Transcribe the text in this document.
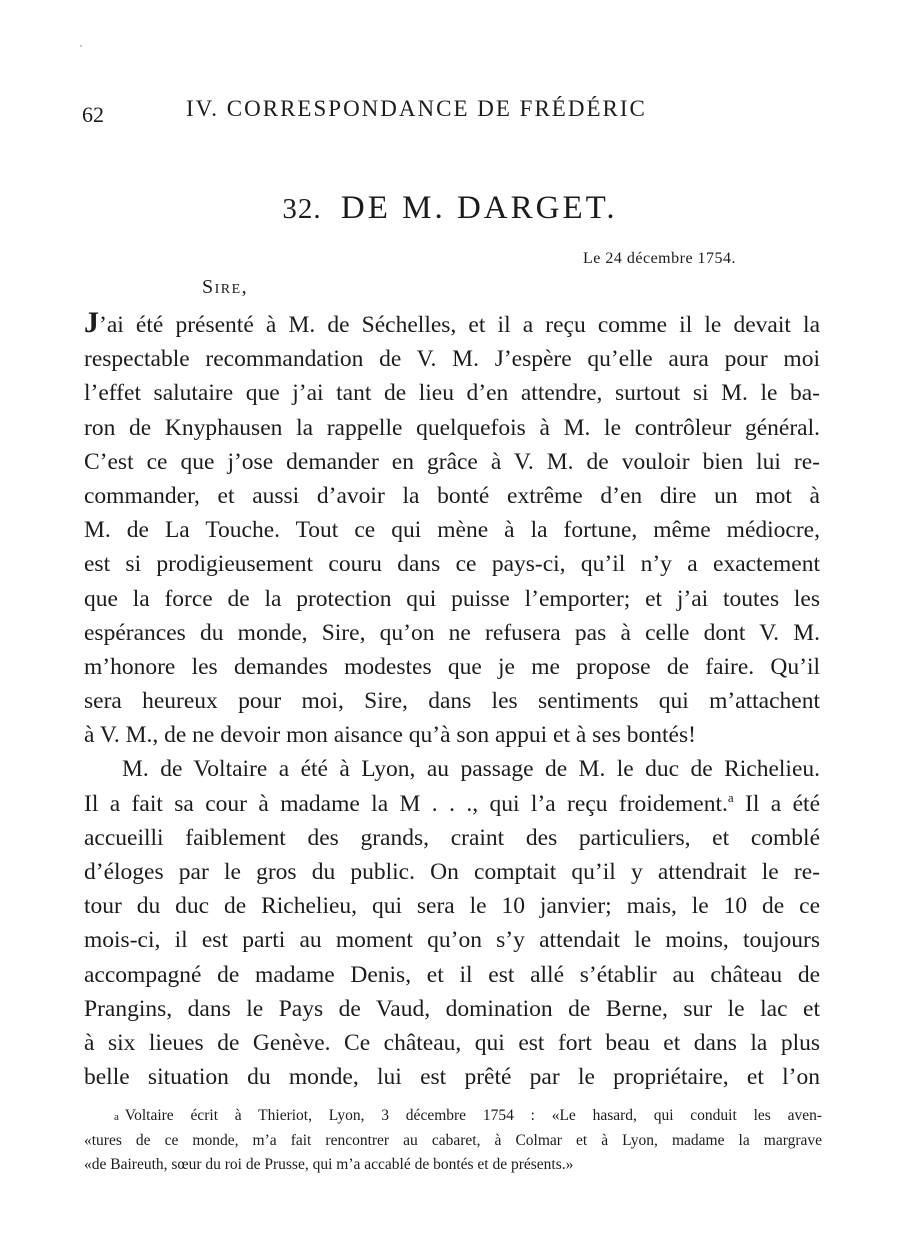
62	IV. CORRESPONDANCE DE FRÉDÉRIC
32. DE M. DARGET.
Le 24 décembre 1754.
Sire,
J’ai été présenté à M. de Séchelles, et il a reçu comme il le devait la
respectable recommandation de V. M. J’espère qu’elle aura pour moi
l’effet salutaire que j’ai tant de lieu d’en attendre, surtout si M. le ba-
ron de Knyphausen la rappelle quelquefois à M. le contrôleur général.
C’est ce que j’ose demander en grâce à V. M. de vouloir bien lui re-
commander, et aussi d’avoir la bonté extrême d’en dire un mot à
M. de La Touche. Tout ce qui mène à la fortune, même médiocre,
est si prodigieusement couru dans ce pays-ci, qu’il n’y a exactement
que la force de la protection qui puisse l’emporter; et j’ai toutes les
espérances du monde, Sire, qu’on ne refusera pas à celle dont V. M.
m’honore les demandes modestes que je me propose de faire. Qu’il
sera heureux pour moi, Sire, dans les sentiments qui m’attachent
à V. M., de ne devoir mon aisance qu’à son appui et à ses bontés!
M. de Voltaire a été à Lyon, au passage de M. le duc de Richelieu.
Il a fait sa cour à madame la M . . ., qui l’a reçu froidement.$^a$ Il a été
accueilli faiblement des grands, craint des particuliers, et comblé
d’éloges par le gros du public. On comptait qu’il y attendrait le re-
tour du duc de Richelieu, qui sera le 10 janvier; mais, le 10 de ce
mois-ci, il est parti au moment qu’on s’y attendait le moins, toujours
accompagné de madame Denis, et il est allé s’établir au château de
Prangins, dans le Pays de Vaud, domination de Berne, sur le lac et
à six lieues de Genève. Ce château, qui est fort beau et dans la plus
belle situation du monde, lui est prêté par le propriétaire, et l’on
a Voltaire écrit à Thieriot, Lyon, 3 décembre 1754 : «Le hasard, qui conduit les aven-
«tures de ce monde, m’a fait rencontrer au cabaret, à Colmar et à Lyon, madame la margrave
«de Baireuth, sœur du roi de Prusse, qui m’a accablé de bontés et de présents.»
